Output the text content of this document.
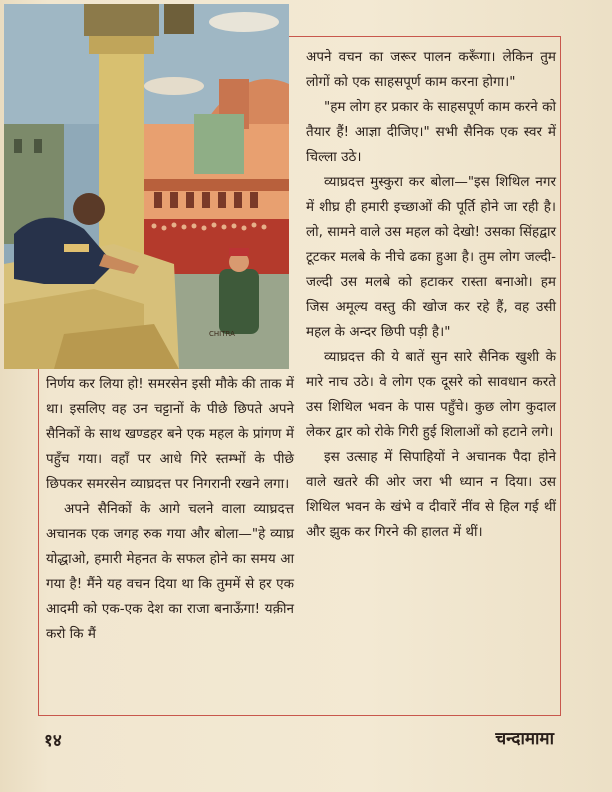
CHITRA

अपने वचन का जरूर पालन करूँगा। लेकिन तुम लोगों को एक साहसपूर्ण काम करना होगा।"

"हम लोग हर प्रकार के साहसपूर्ण काम करने को तैयार हैं! आज्ञा दीजिए।" सभी सैनिक एक स्वर में चिल्ला उठे।

व्याघ्रदत्त मुस्कुरा कर बोला—"इस शिथिल नगर में शीघ्र ही हमारी इच्छाओं की पूर्ति होने जा रही है। लो, सामने वाले उस महल को देखो! उसका सिंहद्वार टूटकर मलबे के नीचे ढका हुआ है। तुम लोग जल्दी-जल्दी उस मलबे को हटाकर रास्ता बनाओ। हम जिस अमूल्य वस्तु की खोज कर रहे हैं, वह उसी महल के अन्दर छिपी पड़ी है।"

व्याघ्रदत्त की ये बातें सुन सारे सैनिक खुशी के मारे नाच उठे। वे लोग एक दूसरे को सावधान करते उस शिथिल भवन के पास पहुँचे। कुछ लोग कुदाल लेकर द्वार को रोके गिरी हुई शिलाओं को हटाने लगे।

इस उत्साह में सिपाहियों ने अचानक पैदा होने वाले खतरे की ओर जरा भी ध्यान न दिया। उस शिथिल भवन के खंभे व दीवारें नींव से हिल गई थीं और झुक कर गिरने की हालत में थीं।

निर्णय कर लिया हो! समरसेन इसी मौके की ताक में था। इसलिए वह उन चट्टानों के पीछे छिपते अपने सैनिकों के साथ खण्डहर बने एक महल के प्रांगण में पहुँच गया। वहाँ पर आधे गिरे स्तम्भों के पीछे छिपकर समरसेन व्याघ्रदत्त पर निगरानी रखने लगा।

अपने सैनिकों के आगे चलने वाला व्याघ्रदत्त अचानक एक जगह रुक गया और बोला—"हे व्याघ्र योद्धाओ, हमारी मेहनत के सफल होने का समय आ गया है! मैंने यह वचन दिया था कि तुममें से हर एक आदमी को एक-एक देश का राजा बनाऊँगा! यक़ीन करो कि मैं

१४	चन्दामामा
